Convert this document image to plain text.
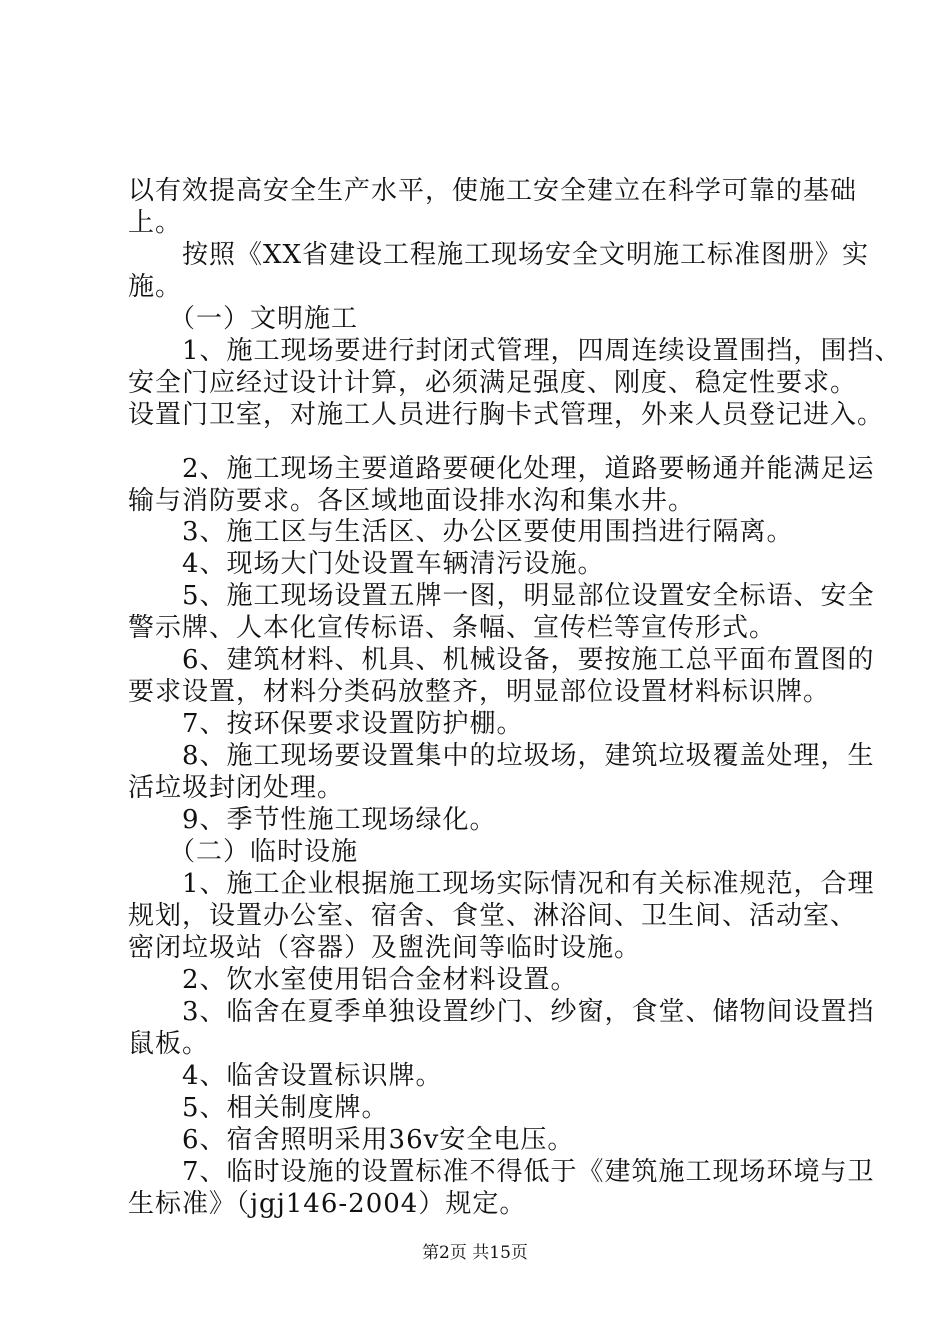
以有效提高安全生产水平，使施工安全建立在科学可靠的基础
上。
　　按照《XX省建设工程施工现场安全文明施工标准图册》实
施。
　　（一）文明施工
　　1、施工现场要进行封闭式管理，四周连续设置围挡，围挡、
安全门应经过设计计算，必须满足强度、刚度、稳定性要求。
设置门卫室，对施工人员进行胸卡式管理，外来人员登记进入。
　　2、施工现场主要道路要硬化处理，道路要畅通并能满足运
输与消防要求。各区域地面设排水沟和集水井。
　　3、施工区与生活区、办公区要使用围挡进行隔离。
　　4、现场大门处设置车辆清污设施。
　　5、施工现场设置五牌一图，明显部位设置安全标语、安全
警示牌、人本化宣传标语、条幅、宣传栏等宣传形式。
　　6、建筑材料、机具、机械设备，要按施工总平面布置图的
要求设置，材料分类码放整齐，明显部位设置材料标识牌。
　　7、按环保要求设置防护棚。
　　8、施工现场要设置集中的垃圾场，建筑垃圾覆盖处理，生
活垃圾封闭处理。
　　9、季节性施工现场绿化。
　　（二）临时设施
　　1、施工企业根据施工现场实际情况和有关标准规范，合理
规划，设置办公室、宿舍、食堂、淋浴间、卫生间、活动室、
密闭垃圾站（容器）及盥洗间等临时设施。
　　2、饮水室使用铝合金材料设置。
　　3、临舍在夏季单独设置纱门、纱窗，食堂、储物间设置挡
鼠板。
　　4、临舍设置标识牌。
　　5、相关制度牌。
　　6、宿舍照明采用36v安全电压。
　　7、临时设施的设置标准不得低于《建筑施工现场环境与卫
生标准》（jgj146-2004）规定。
第2页 共15页
